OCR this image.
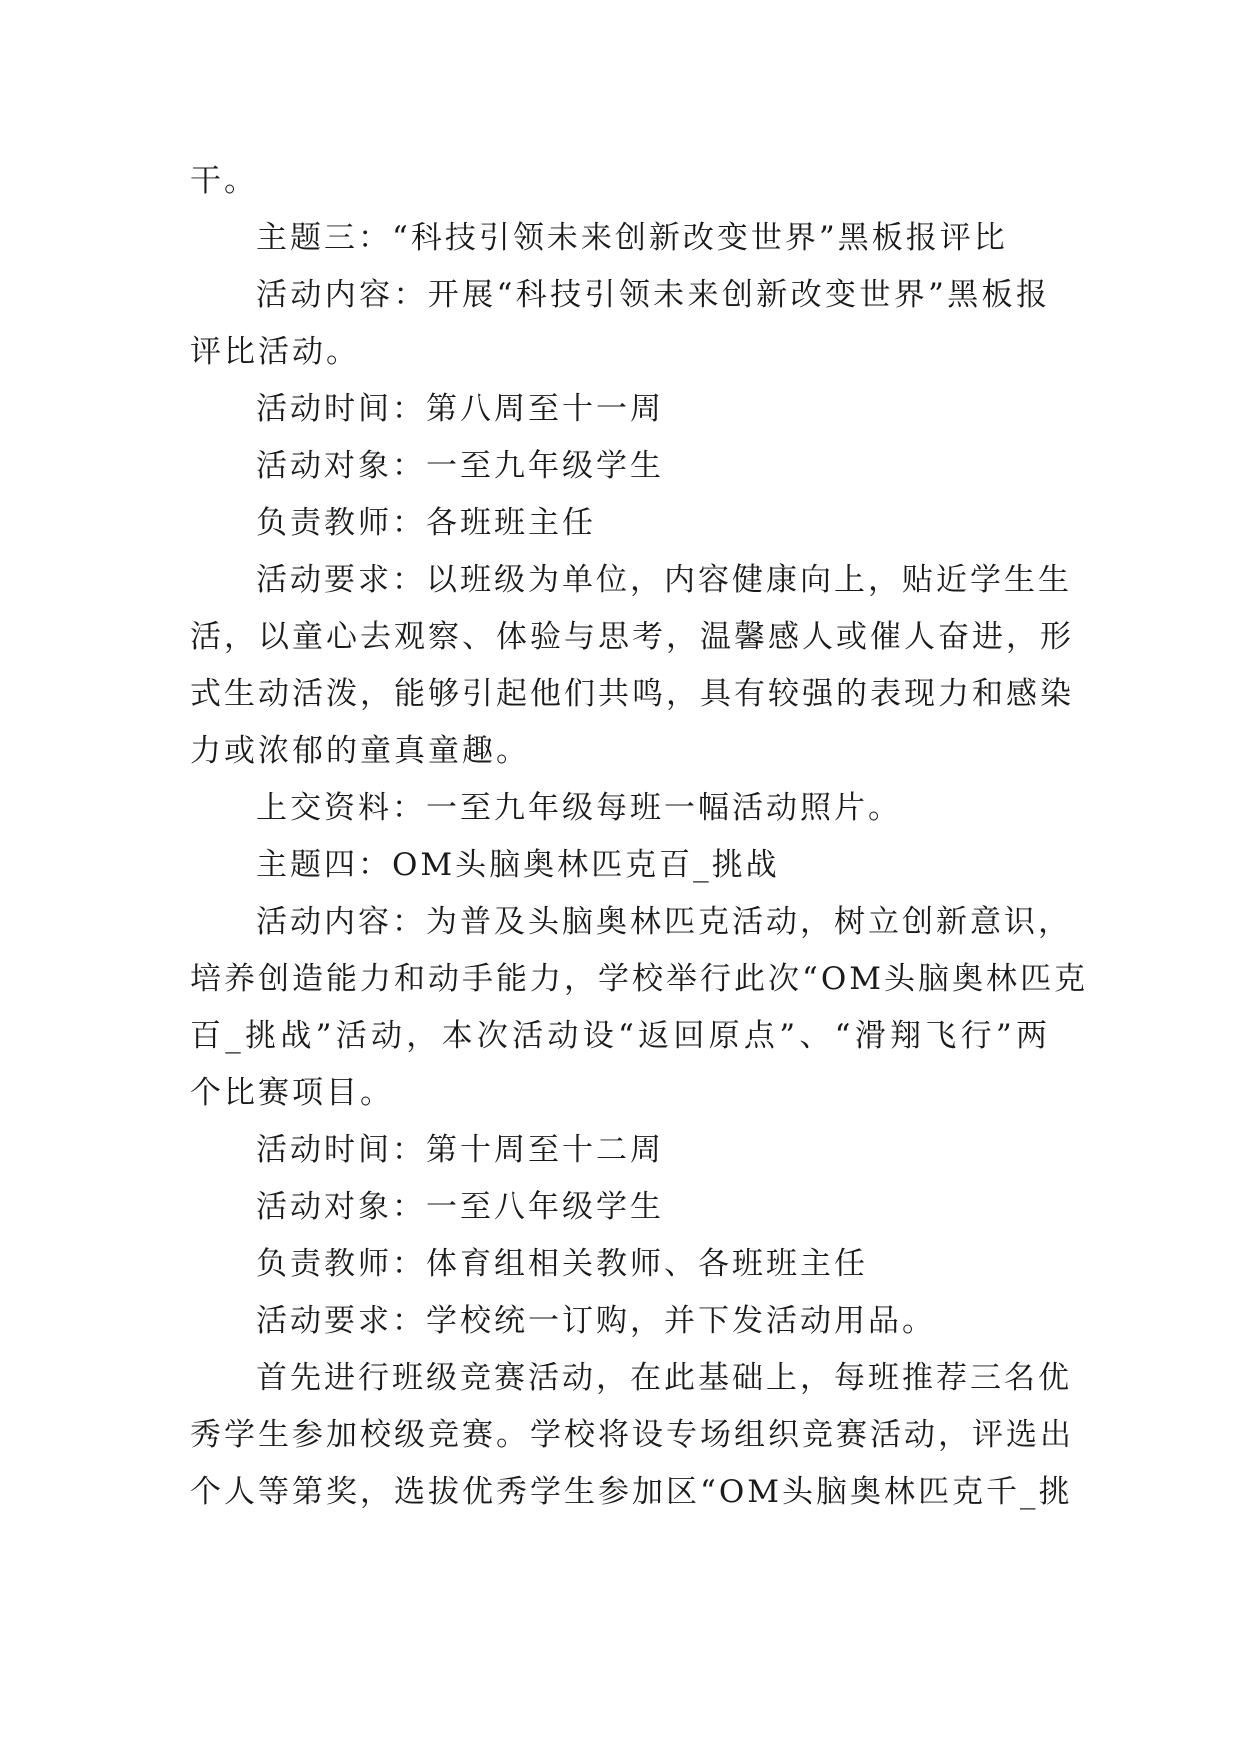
干。
主题三：“科技引领未来创新改变世界”黑板报评比
活动内容：开展“科技引领未来创新改变世界”黑板报
评比活动。
活动时间：第八周至十一周
活动对象：一至九年级学生
负责教师：各班班主任
活动要求：以班级为单位，内容健康向上，贴近学生生
活，以童心去观察、体验与思考，温馨感人或催人奋进，形
式生动活泼，能够引起他们共鸣，具有较强的表现力和感染
力或浓郁的童真童趣。
上交资料：一至九年级每班一幅活动照片。
主题四：OM头脑奥林匹克百_挑战
活动内容：为普及头脑奥林匹克活动，树立创新意识，
培养创造能力和动手能力，学校举行此次“OM头脑奥林匹克
百_挑战”活动，本次活动设“返回原点”、“滑翔飞行”两
个比赛项目。
活动时间：第十周至十二周
活动对象：一至八年级学生
负责教师：体育组相关教师、各班班主任
活动要求：学校统一订购，并下发活动用品。
首先进行班级竞赛活动，在此基础上，每班推荐三名优
秀学生参加校级竞赛。学校将设专场组织竞赛活动，评选出
个人等第奖，选拔优秀学生参加区“OM头脑奥林匹克千_挑
